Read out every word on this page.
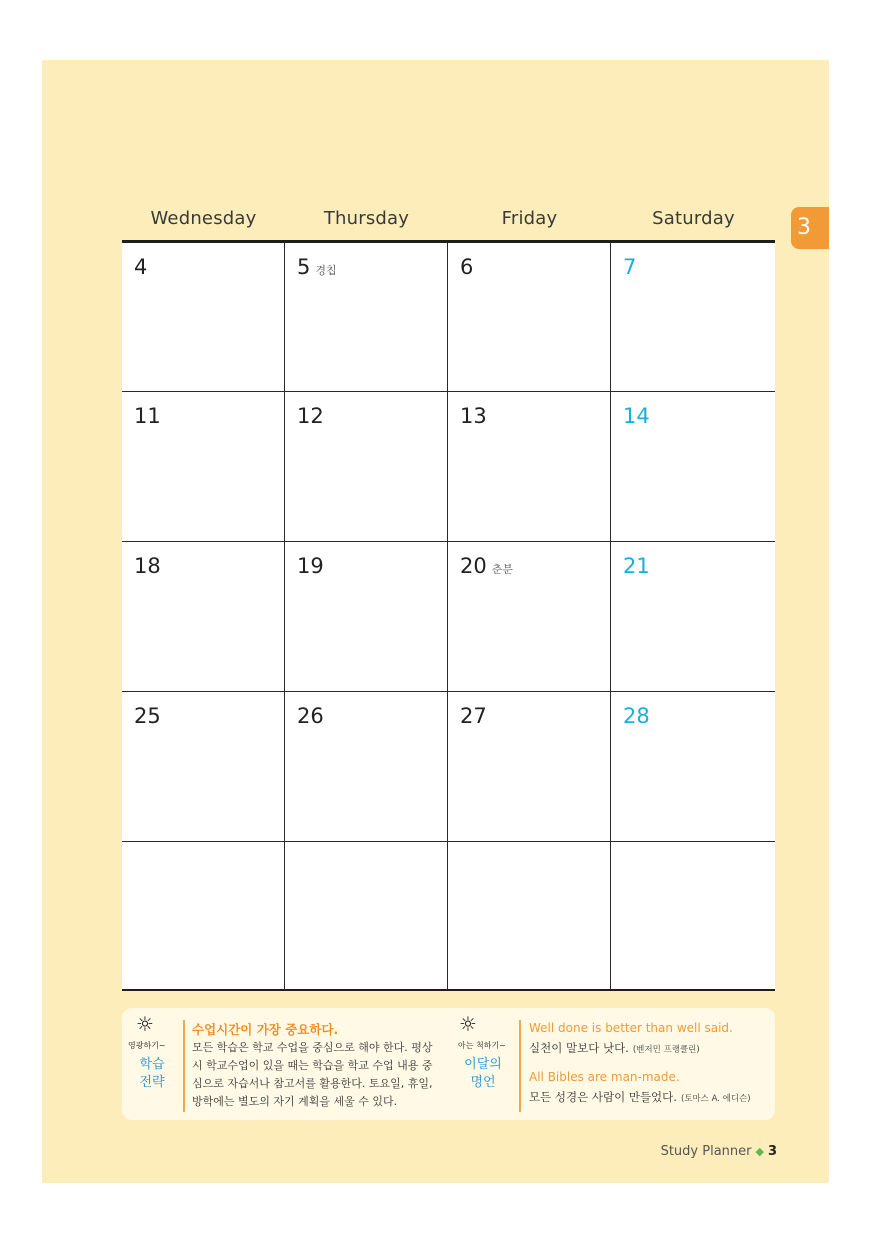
3
Wednesday	Thursday	Friday	Saturday
4	5 경칩	6	7
11	12	13	14
18	19	20 춘분	21
25	26	27	28
☼
영광하기~
학습
전략
수업시간이 가장 중요하다.
모든 학습은 학교 수업을 중심으로 해야 한다. 평상
시 학교수업이 있을 때는 학습을 학교 수업 내용 중
심으로 자습서나 참고서를 활용한다. 토요일, 휴일,
방학에는 별도의 자기 계획을 세울 수 있다.
☼
아는 척하기~
이달의
명언
Well done is better than well said.
실천이 말보다 낫다. (벤저민 프랭클린)
All Bibles are man-made.
모든 성경은 사람이 만들었다. (토마스 A. 에디슨)
Study Planner ◆ 3
